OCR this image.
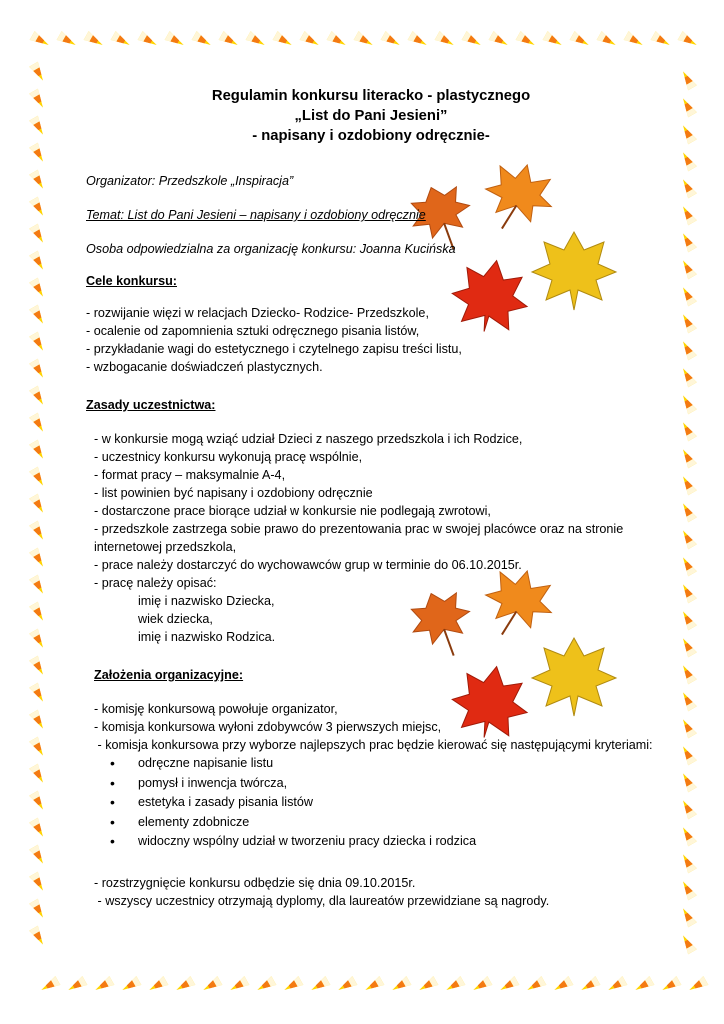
Regulamin konkursu literacko - plastycznego
„List do Pani Jesieni”
- napisany i ozdobiony odręcznie-

Organizator: Przedszkole „Inspiracja”

Temat: List do Pani Jesieni – napisany i ozdobiony odręcznie

Osoba odpowiedzialna za organizację konkursu: Joanna Kucińska

Cele konkursu:

- rozwijanie więzi w relacjach Dziecko- Rodzice- Przedszkole,

- ocalenie od zapomnienia sztuki odręcznego pisania listów,

- przykładanie wagi do estetycznego i czytelnego zapisu treści listu,

- wzbogacanie doświadczeń plastycznych.

Zasady uczestnictwa:

- w konkursie mogą wziąć udział Dzieci z naszego przedszkola i ich Rodzice,

- uczestnicy konkursu wykonują pracę wspólnie,

- format pracy – maksymalnie A-4,

- list powinien być napisany i ozdobiony odręcznie

- dostarczone prace biorące udział w konkursie nie podlegają zwrotowi,

- przedszkole zastrzega sobie prawo do prezentowania prac w swojej placówce oraz na stronie internetowej przedszkola,

- prace należy dostarczyć do wychowawców grup w terminie do 06.10.2015r.

- pracę należy opisać:

imię i nazwisko Dziecka,

wiek dziecka,

imię i nazwisko Rodzica.

Założenia organizacyjne:

- komisję konkursową powołuje organizator,

- komisja konkursowa wyłoni zdobywców 3 pierwszych miejsc,

- komisja konkursowa przy wyborze najlepszych prac będzie kierować się następującymi kryteriami:

• odręczne napisanie listu
• pomysł i inwencja twórcza,
• estetyka i zasady pisania listów
• elementy zdobnicze
• widoczny wspólny udział w tworzeniu pracy dziecka i rodzica

- rozstrzygnięcie konkursu odbędzie się dnia 09.10.2015r.

- wszyscy uczestnicy otrzymają dyplomy, dla laureatów przewidziane są nagrody.
